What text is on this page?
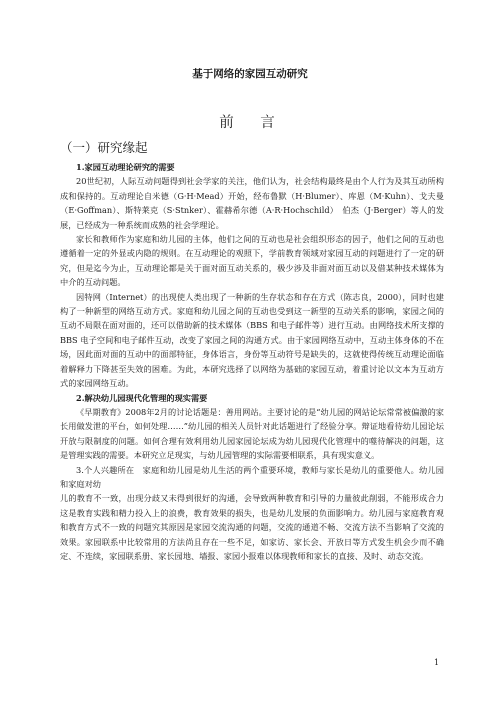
基于网络的家园互动研究
前　言
（一）研究缘起

1.家园互动理论研究的需要

20世纪初，人际互动问题得到社会学家的关注，他们认为，社会结构最终是由个人行为及其互动所构成和保持的。互动理论自米德（G·H·Mead）开始，经布鲁默（H·Blumer）、库恩（M·Kuhn）、戈夫曼（E·Goffman）、斯特莱克（S·Stnker）、霍赫希尔德（A·R·Hochschild）　伯杰（J·Berger）等人的发展，已经成为一种系统而成熟的社会学理论。

家长和教师作为家庭和幼儿园的主体，他们之间的互动也是社会组织形态的因子，他们之间的互动也遵循着一定的外显或内隐的规则。在互动理论的观照下，学前教育领域对家园互动的问题进行了一定的研究，但是迄今为止，互动理论都是关于面对面互动关系的，极少涉及非面对面互动以及借某种技术媒体为中介的互动问题。

因特网（Internet）的出现使人类出现了一种新的生存状态和存在方式（陈志良，2000），同时也建构了一种新型的网络互动方式。家庭和幼儿园之间的互动也受到这一新型的互动关系的影响，家园之间的互动不局限在面对面的，还可以借助新的技术媒体（BBS 和电子邮件等）进行互动。由网络技术所支撑的 BBS 电子空间和电子邮件互动，改变了家园之间的沟通方式。由于家园网络互动中，互动主体身体的不在场，因此面对面的互动中的面部特征，身体语言，身份等互动符号是缺失的，这就使得传统互动理论面临着解释力下降甚至失效的困难。为此，本研究选择了以网络为基础的家园互动，着重讨论以文本为互动方式的家园网络互动。

2.解决幼儿园现代化管理的现实需要

《早期教育》2008年2月的讨论话题是：善用网站。主要讨论的是“幼儿园的网站论坛常常被偏激的家长用做发泄的平台，如何处理……”幼儿园的相关人员针对此话题进行了经验分享。辩证地看待幼儿园论坛开放与限制度的问题。如何合理有效利用幼儿园家园论坛成为幼儿园现代化管理中的噬待解决的问题，这是管理实践的需要。本研究立足现实，与幼儿园管理的实际需要相联系，具有现实意义。

3.个人兴趣所在　家庭和幼儿园是幼儿生活的两个重要环境，教师与家长是幼儿的重要他人。幼儿园和家庭对幼

儿的教育不一致，出现分歧又未得到很好的沟通，会导致两种教育和引导的力量彼此削弱，不能形成合力这是教育实践和精力投入上的浪费，教育效果的损失，也是幼儿发展的负面影响力。幼儿园与家庭教育观和教育方式不一致的问题究其原因是家园交流沟通的问题，交流的通道不畅、交流方法不当影响了交流的效果。家园联系中比较常用的方法尚且存在一些不足，如家访、家长会、开放日等方式发生机会少而不确定、不连续，家园联系册、家长园地、墙报、家园小报难以体现教师和家长的直接、及时、动态交流。

1
